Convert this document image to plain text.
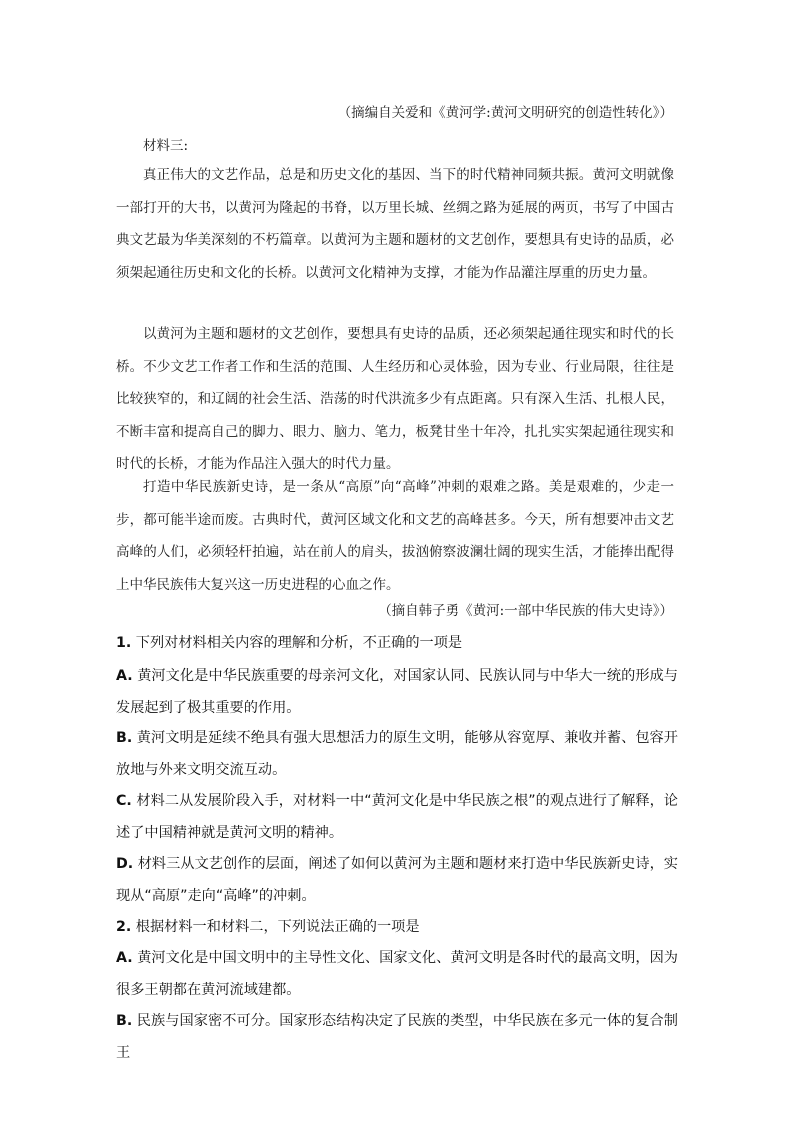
（摘编自关爱和《黄河学:黄河文明研究的创造性转化》）
材料三:

真正伟大的文艺作品，总是和历史文化的基因、当下的时代精神同频共振。黄河文明就像一部打开的大书，以黄河为隆起的书脊，以万里长城、丝绸之路为延展的两页，书写了中国古典文艺最为华美深刻的不朽篇章。以黄河为主题和题材的文艺创作，要想具有史诗的品质，必须架起通往历史和文化的长桥。以黄河文化精神为支撑，才能为作品灌注厚重的历史力量。

以黄河为主题和题材的文艺创作，要想具有史诗的品质，还必须架起通往现实和时代的长桥。不少文艺工作者工作和生活的范围、人生经历和心灵体验，因为专业、行业局限，往往是比较狭窄的，和辽阔的社会生活、浩荡的时代洪流多少有点距离。只有深入生活、扎根人民，不断丰富和提高自己的脚力、眼力、脑力、笔力，板凳甘坐十年冷，扎扎实实架起通往现实和时代的长桥，才能为作品注入强大的时代力量。

打造中华民族新史诗，是一条从“高原”向“高峰”冲刺的艰难之路。美是艰难的，少走一步，都可能半途而废。古典时代，黄河区域文化和文艺的高峰甚多。今天，所有想要冲击文艺高峰的人们，必须轻杆拍遍，站在前人的肩头，拔汹俯察波澜壮阔的现实生活，才能捧出配得上中华民族伟大复兴这一历史进程的心血之作。

（摘自韩子勇《黄河:一部中华民族的伟大史诗》）

1. 下列对材料相关内容的理解和分析，不正确的一项是

A. 黄河文化是中华民族重要的母亲河文化，对国家认同、民族认同与中华大一统的形成与发展起到了极其重要的作用。

B. 黄河文明是延续不绝具有强大思想活力的原生文明，能够从容宽厚、兼收并蓄、包容开放地与外来文明交流互动。

C. 材料二从发展阶段入手，对材料一中“黄河文化是中华民族之根”的观点进行了解释，论述了中国精神就是黄河文明的精神。

D. 材料三从文艺创作的层面，阐述了如何以黄河为主题和题材来打造中华民族新史诗，实现从“高原”走向“高峰”的冲刺。

2. 根据材料一和材料二，下列说法正确的一项是

A. 黄河文化是中国文明中的主导性文化、国家文化、黄河文明是各时代的最高文明，因为很多王朝都在黄河流域建都。

B. 民族与国家密不可分。国家形态结构决定了民族的类型，中华民族在多元一体的复合制王
